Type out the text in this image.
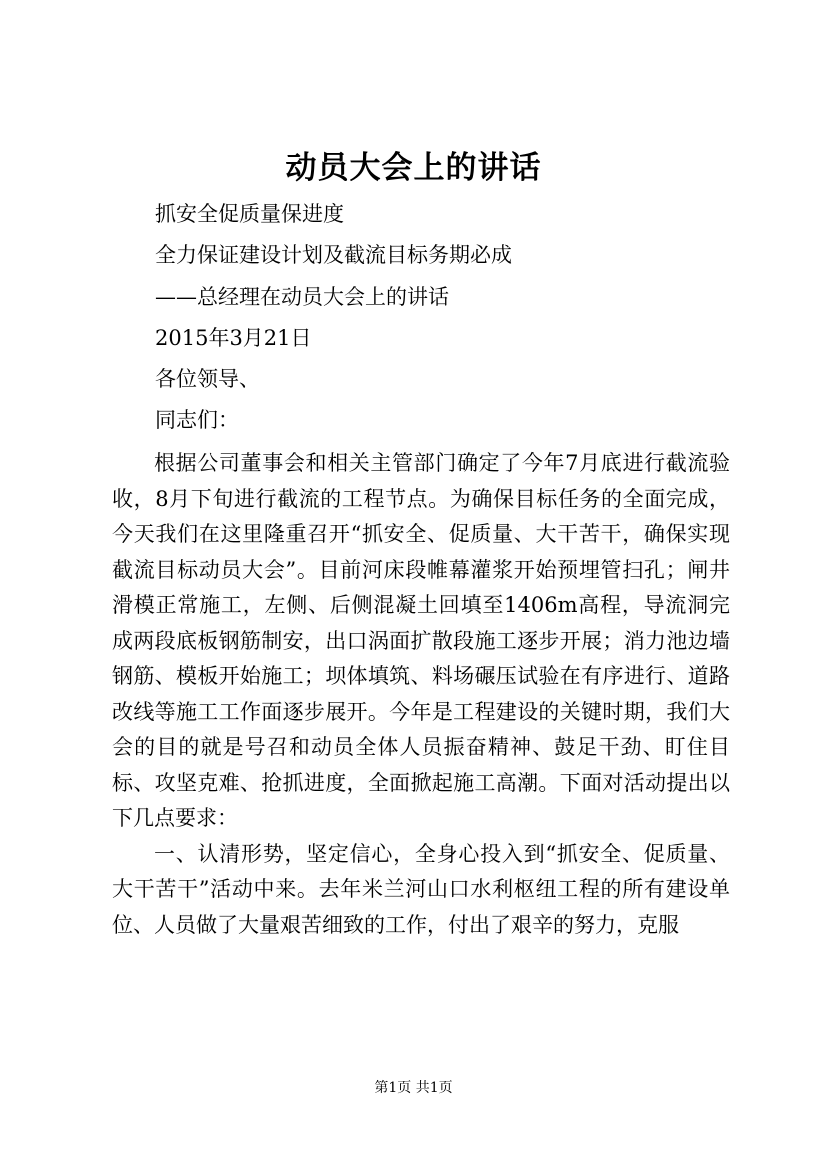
动员大会上的讲话
抓安全促质量保进度
全力保证建设计划及截流目标务期必成
——总经理在动员大会上的讲话
2015年3月21日
各位领导、
同志们：

根据公司董事会和相关主管部门确定了今年7月底进行截流验收，8月下旬进行截流的工程节点。为确保目标任务的全面完成，今天我们在这里隆重召开“抓安全、促质量、大干苦干，确保实现截流目标动员大会”。目前河床段帷幕灌浆开始预埋管扫孔；闸井滑模正常施工，左侧、后侧混凝土回填至1406m高程，导流洞完成两段底板钢筋制安，出口涡面扩散段施工逐步开展；消力池边墙钢筋、模板开始施工；坝体填筑、料场碾压试验在有序进行、道路改线等施工工作面逐步展开。今年是工程建设的关键时期，我们大会的目的就是号召和动员全体人员振奋精神、鼓足干劲、盯住目标、攻坚克难、抢抓进度，全面掀起施工高潮。下面对活动提出以下几点要求：

一、认清形势，坚定信心，全身心投入到“抓安全、促质量、大干苦干”活动中来。去年米兰河山口水利枢纽工程的所有建设单位、人员做了大量艰苦细致的工作，付出了艰辛的努力，克服

第1页 共1页
